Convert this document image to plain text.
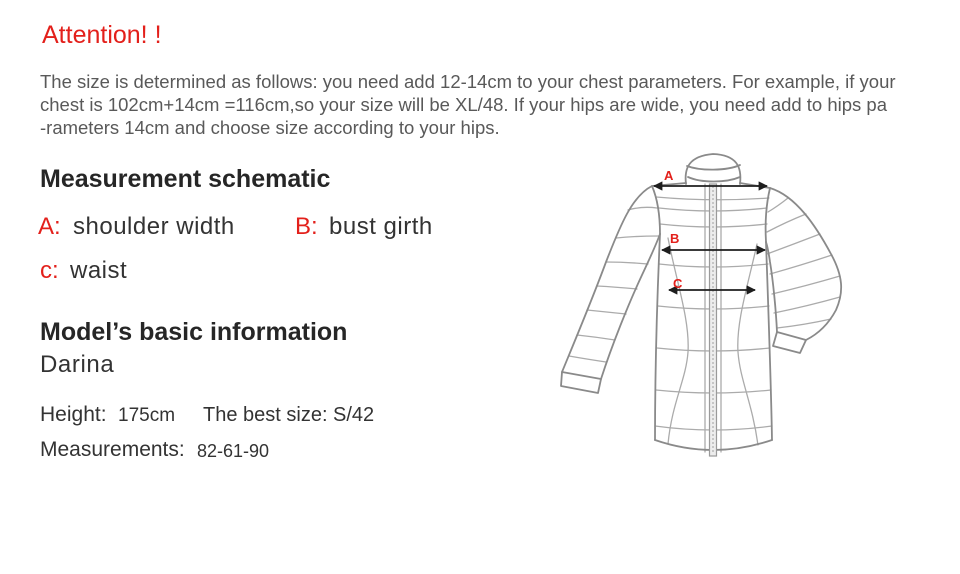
Attention! !
The size is determined as follows: you need add 12-14cm to your chest parameters. For example, if your
chest is 102cm+14cm =116cm,so your size will be XL/48. If your hips are wide, you need add to hips pa
-rameters 14cm and choose size according to your hips.
Measurement schematic
A: shoulder width	B: bust girth
c: waist
Model’s basic information
Darina
Height: 175cm The best size: S/42
Measurements: 82-61-90
A
B
C
